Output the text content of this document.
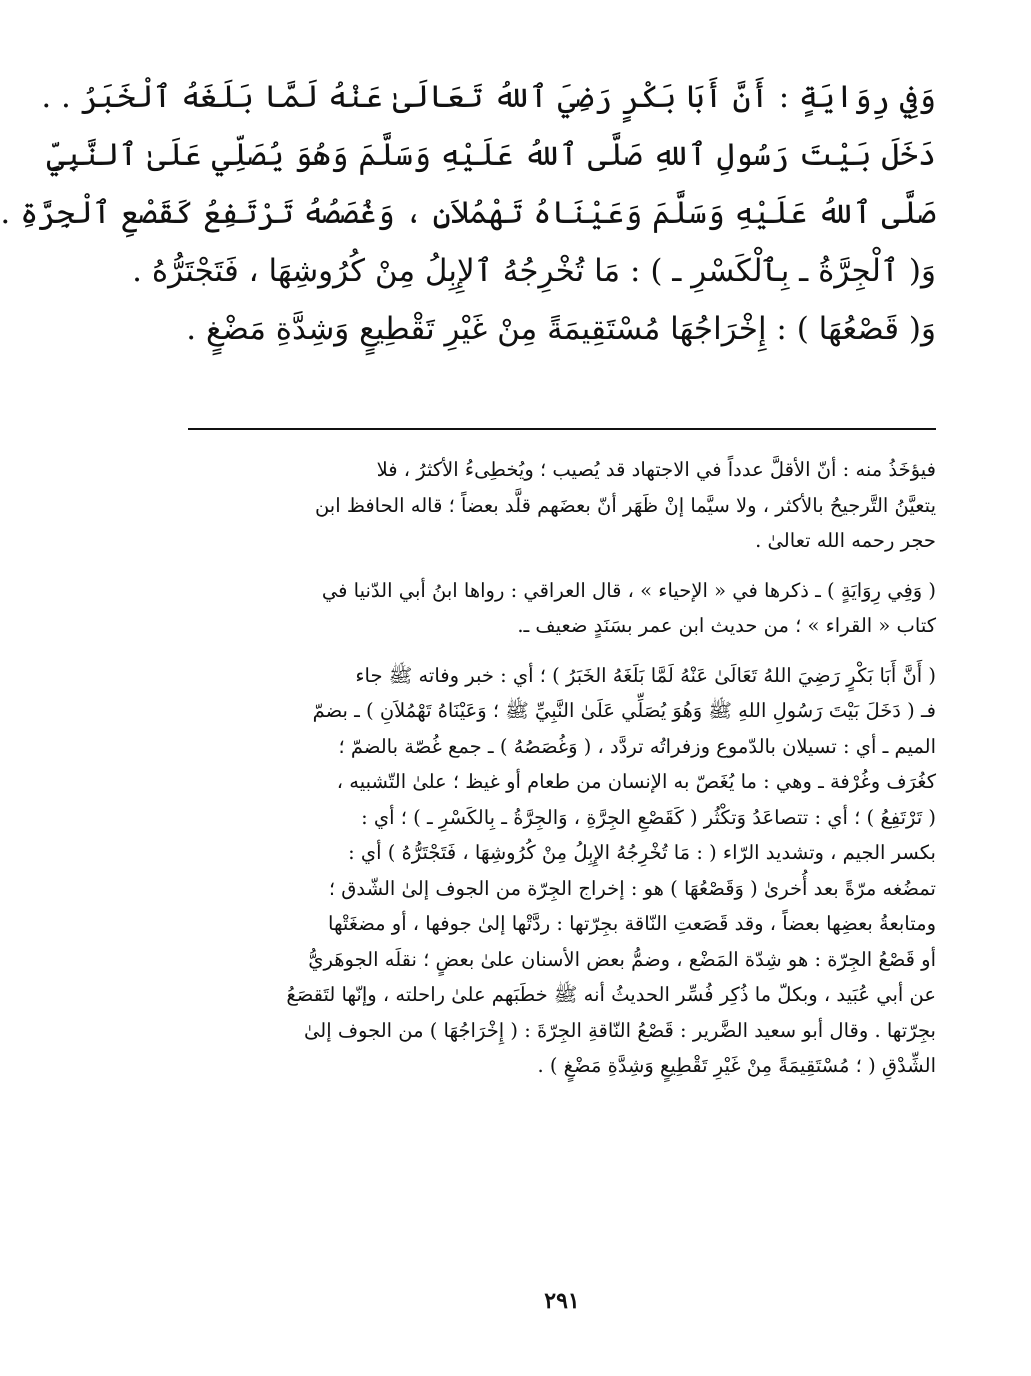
وَفِي رِوَايَةٍ : أَنَّ أَبَا بَكْرٍ رَضِيَ ٱللهُ تَعَالَىٰ عَنْهُ لَمَّا بَلَغَهُ ٱلْخَبَرُ . .
دَخَلَ بَيْتَ رَسُولِ ٱللهِ صَلَّى ٱللهُ عَلَيْهِ وَسَلَّمَ وَهُوَ يُصَلِّي عَلَىٰ ٱلنَّبِيِّ
صَلَّى ٱللهُ عَلَيْهِ وَسَلَّمَ وَعَيْنَاهُ تَهْمُلاَنِ ، وَغُصَصُهُ تَرْتَفِعُ كَقَصْعِ ٱلْجِرَّةِ .
وَ( ٱلْجِرَّةُ ـ بِٱلْكَسْرِ ـ ) : مَا تُخْرِجُهُ ٱلإِبِلُ مِنْ كُرُوشِهَا ، فَتَجْتَرُّهُ .
وَ( قَصْعُهَا ) : إِخْرَاجُهَا مُسْتَقِيمَةً مِنْ غَيْرِ تَقْطِيعٍ وَشِدَّةِ مَضْغٍ .
فيؤخَذُ منه : أنّ الأقلَّ عدداً في الاجتهاد قد يُصيب ؛ ويُخطِىءُ الأكثرُ ، فلا
يتعيَّنُ التَّرجيحُ بالأكثر ، ولا سيَّما إنْ ظَهَر أنّ بعضَهم قلَّد بعضاً ؛ قاله الحافظ ابن
حجر رحمه الله تعالىٰ .
( وَفِي رِوَايَةٍ ) ـ ذكرها في « الإحياء » ، قال العراقي : رواها ابنُ أبي الدّنيا في
كتاب « القراء » ؛ من حديث ابن عمر بسَنَدٍ ضعيف ـ.
( أَنَّ أَبَا بَكْرٍ رَضِيَ اللهُ تَعَالَىٰ عَنْهُ لَمَّا بَلَغَهُ الخَبَرُ ) ؛ أي : خبر وفاته ﷺ جاء
فـ ( دَخَلَ بَيْتَ رَسُولِ اللهِ ﷺ وَهُوَ يُصَلِّي عَلَىٰ النَّبِيِّ ﷺ ؛ وَعَيْنَاهُ تَهْمُلاَنِ ) ـ بضمّ
الميم ـ أي : تسيلان بالدّموع وزفراتُه تردَّد ، ( وَغُصَصُهُ ) ـ جمع غُصّة بالضمّ ؛
كغُرَف وغُرْفة ـ وهي : ما يُغَصّ به الإنسان من طعام أو غيظ ؛ علىٰ التّشبيه ،
( تَرْتَفِعُ ) ؛ أي : تتصاعَدُ وَتكْثُر ( كَقَصْعِ الجِرَّةِ ، وَالجِرَّةُ ـ بِالكَسْرِ ـ ) ؛ أي :
بكسر الجيم ، وتشديد الرّاء ( : مَا تُخْرِجُهُ الإِبِلُ مِنْ كُرُوشِهَا ، فَتَجْتَرُّهُ ) أي :
تمضُغه مرّةً بعد أُخرىٰ ( وَقَصْعُهَا ) هو : إخراج الجِرّة من الجوف إلىٰ الشّدق ؛
ومتابعةُ بعضِها بعضاً ، وقد قَصَعتِ النّاقة بجِرّتها : ردَّتْها إلىٰ جوفها ، أو مضغَتْها
أو قَصْعُ الجِرّة : هو شِدّة المَضْع ، وضمُّ بعض الأسنان علىٰ بعضٍ ؛ نقلَه الجوهَريُّ
عن أبي عُبَيد ، وبكلّ ما ذُكِر فُسِّر الحديثُ أنه ﷺ خطَبَهم علىٰ راحلته ، وإنّها لتَقصَعُ
بجِرّتها . وقال أبو سعيد الضَّرير : قَصْعُ النّاقةِ الجِرّةَ : ( إِخْرَاجُهَا ) من الجوف إلىٰ
الشِّدْقِ ( ؛ مُسْتَقِيمَةً مِنْ غَيْرِ تَقْطِيعٍ وَشِدَّةِ مَضْغٍ ) .
٢٩١
